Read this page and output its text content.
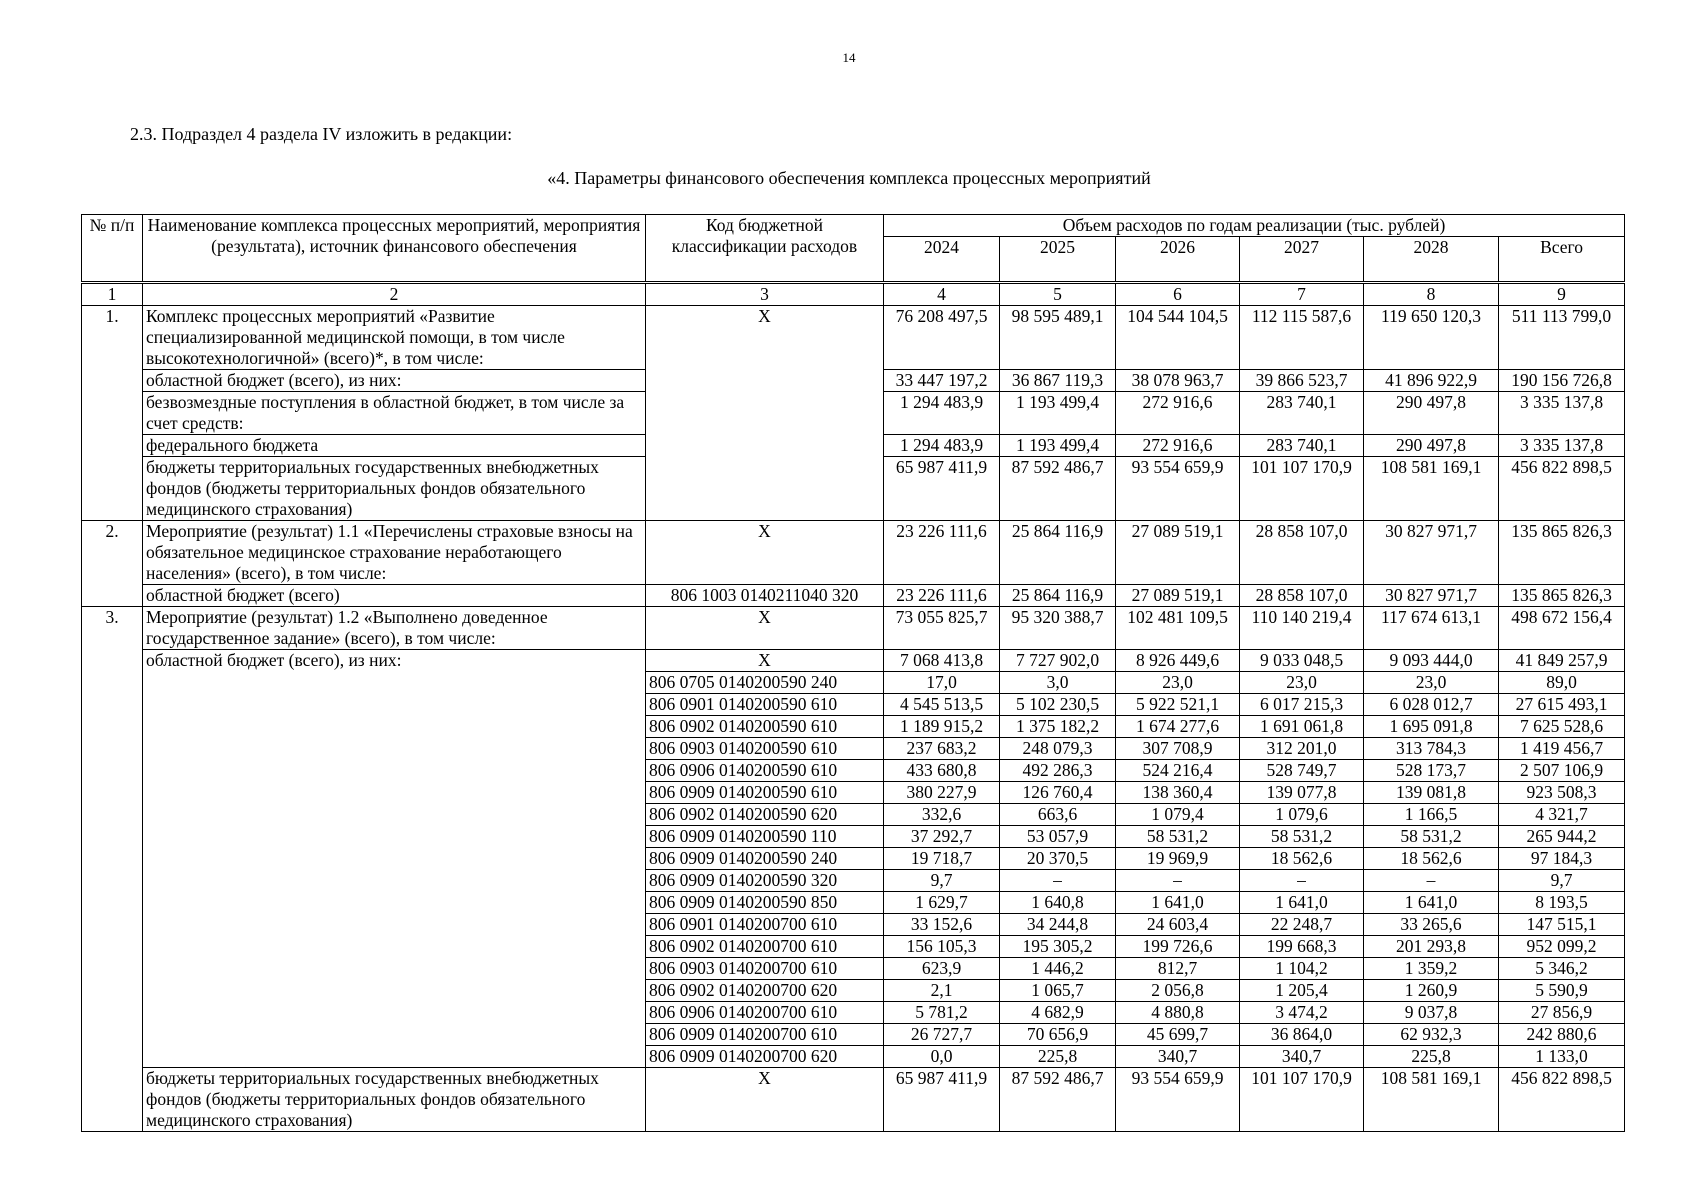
14
2.3. Подраздел 4 раздела IV изложить в редакции:
«4. Параметры финансового обеспечения комплекса процессных мероприятий
№ п/п	Наименование комплекса процессных мероприятий, мероприятия (результата), источник финансового обеспечения	Код бюджетной классификации расходов	Объем расходов по годам реализации (тыс. рублей)					
			2024	2025	2026	2027	2028	Всего
1	2	3	4	5	6	7	8	9
1.	Комплекс процессных мероприятий «Развитие специализированной медицинской помощи, в том числе высокотехнологичной» (всего)*, в том числе:	X	76 208 497,5	98 595 489,1	104 544 104,5	112 115 587,6	119 650 120,3	511 113 799,0
	областной бюджет (всего), из них:		33 447 197,2	36 867 119,3	38 078 963,7	39 866 523,7	41 896 922,9	190 156 726,8
	безвозмездные поступления в областной бюджет, в том числе за счет средств:		1 294 483,9	1 193 499,4	272 916,6	283 740,1	290 497,8	3 335 137,8
	федерального бюджета		1 294 483,9	1 193 499,4	272 916,6	283 740,1	290 497,8	3 335 137,8
	бюджеты территориальных государственных внебюджетных фондов (бюджеты территориальных фондов обязательного медицинского страхования)		65 987 411,9	87 592 486,7	93 554 659,9	101 107 170,9	108 581 169,1	456 822 898,5
2.	Мероприятие (результат) 1.1 «Перечислены страховые взносы на обязательное медицинское страхование неработающего населения» (всего), в том числе:	X	23 226 111,6	25 864 116,9	27 089 519,1	28 858 107,0	30 827 971,7	135 865 826,3
	областной бюджет (всего)	806 1003 0140211040 320	23 226 111,6	25 864 116,9	27 089 519,1	28 858 107,0	30 827 971,7	135 865 826,3
3.	Мероприятие (результат) 1.2 «Выполнено доведенное государственное задание» (всего), в том числе:	X	73 055 825,7	95 320 388,7	102 481 109,5	110 140 219,4	117 674 613,1	498 672 156,4
	областной бюджет (всего), из них:	X	7 068 413,8	7 727 902,0	8 926 449,6	9 033 048,5	9 093 444,0	41 849 257,9
		806 0705 0140200590 240	17,0	3,0	23,0	23,0	23,0	89,0
		806 0901 0140200590 610	4 545 513,5	5 102 230,5	5 922 521,1	6 017 215,3	6 028 012,7	27 615 493,1
		806 0902 0140200590 610	1 189 915,2	1 375 182,2	1 674 277,6	1 691 061,8	1 695 091,8	7 625 528,6
		806 0903 0140200590 610	237 683,2	248 079,3	307 708,9	312 201,0	313 784,3	1 419 456,7
		806 0906 0140200590 610	433 680,8	492 286,3	524 216,4	528 749,7	528 173,7	2 507 106,9
		806 0909 0140200590 610	380 227,9	126 760,4	138 360,4	139 077,8	139 081,8	923 508,3
		806 0902 0140200590 620	332,6	663,6	1 079,4	1 079,6	1 166,5	4 321,7
		806 0909 0140200590 110	37 292,7	53 057,9	58 531,2	58 531,2	58 531,2	265 944,2
		806 0909 0140200590 240	19 718,7	20 370,5	19 969,9	18 562,6	18 562,6	97 184,3
		806 0909 0140200590 320	9,7	–	–	–	–	9,7
		806 0909 0140200590 850	1 629,7	1 640,8	1 641,0	1 641,0	1 641,0	8 193,5
		806 0901 0140200700 610	33 152,6	34 244,8	24 603,4	22 248,7	33 265,6	147 515,1
		806 0902 0140200700 610	156 105,3	195 305,2	199 726,6	199 668,3	201 293,8	952 099,2
		806 0903 0140200700 610	623,9	1 446,2	812,7	1 104,2	1 359,2	5 346,2
		806 0902 0140200700 620	2,1	1 065,7	2 056,8	1 205,4	1 260,9	5 590,9
		806 0906 0140200700 610	5 781,2	4 682,9	4 880,8	3 474,2	9 037,8	27 856,9
		806 0909 0140200700 610	26 727,7	70 656,9	45 699,7	36 864,0	62 932,3	242 880,6
		806 0909 0140200700 620	0,0	225,8	340,7	340,7	225,8	1 133,0
	бюджеты территориальных государственных внебюджетных фондов (бюджеты территориальных фондов обязательного медицинского страхования)	X	65 987 411,9	87 592 486,7	93 554 659,9	101 107 170,9	108 581 169,1	456 822 898,5
